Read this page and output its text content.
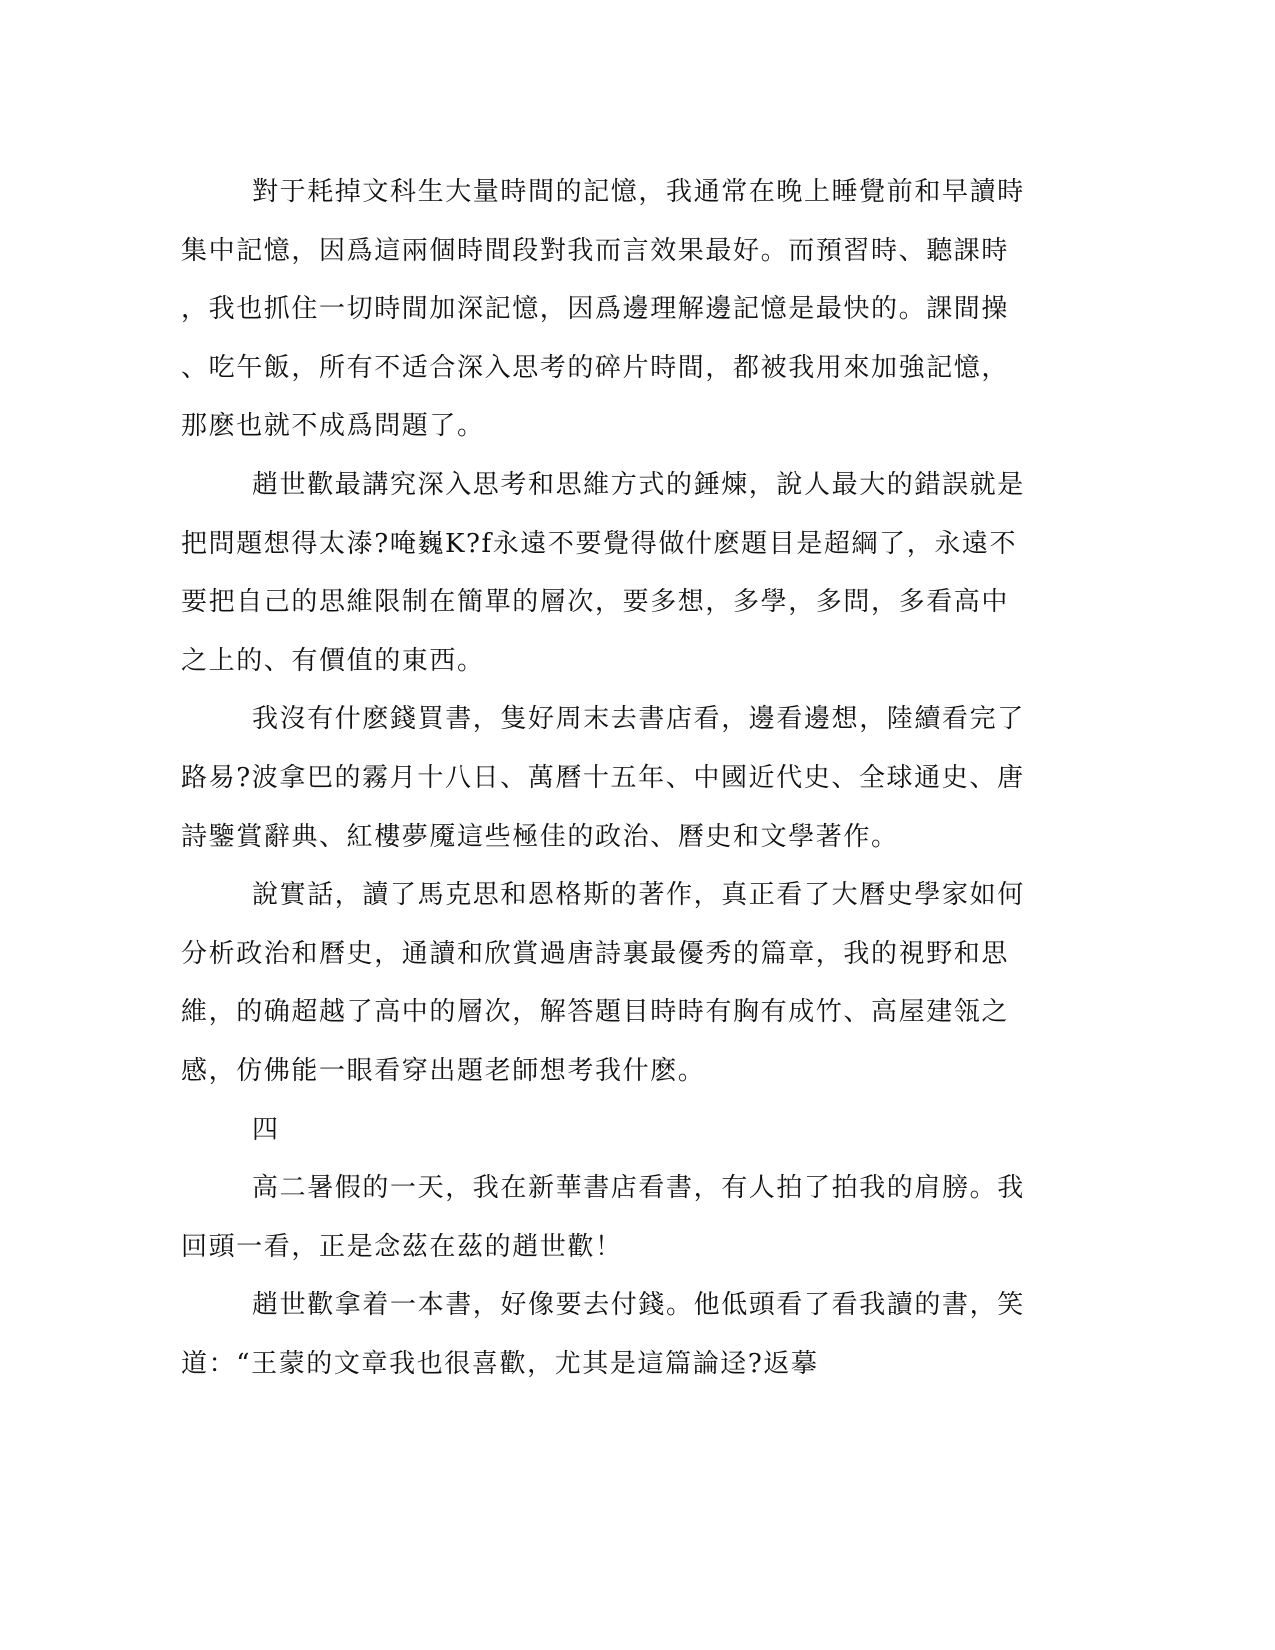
對于耗掉文科生大量時間的記憶，我通常在晚上睡覺前和早讀時
集中記憶，因爲這兩個時間段對我而言效果最好。而預習時、聽課時
，我也抓住一切時間加深記憶，因爲邊理解邊記憶是最快的。課間操
、吃午飯，所有不适合深入思考的碎片時間，都被我用來加強記憶，
那麽也就不成爲問題了。
趙世歡最講究深入思考和思維方式的錘煉，說人最大的錯誤就是
把問題想得太溙?唵巍K?f永遠不要覺得做什麽題目是超綱了，永遠不
要把自己的思維限制在簡單的層次，要多想，多學，多問，多看高中
之上的、有價值的東西。
我沒有什麽錢買書，隻好周末去書店看，邊看邊想，陸續看完了
路易?波拿巴的霧月十八日、萬曆十五年、中國近代史、全球通史、唐
詩鑒賞辭典、紅樓夢魇這些極佳的政治、曆史和文學著作。
說實話，讀了馬克思和恩格斯的著作，真正看了大曆史學家如何
分析政治和曆史，通讀和欣賞過唐詩裏最優秀的篇章，我的視野和思
維，的确超越了高中的層次，解答題目時時有胸有成竹、高屋建瓴之
感，仿佛能一眼看穿出題老師想考我什麽。
四
高二暑假的一天，我在新華書店看書，有人拍了拍我的肩膀。我
回頭一看，正是念茲在茲的趙世歡！
趙世歡拿着一本書，好像要去付錢。他低頭看了看我讀的書，笑
道：“王蒙的文章我也很喜歡，尤其是這篇論迳?返摹
